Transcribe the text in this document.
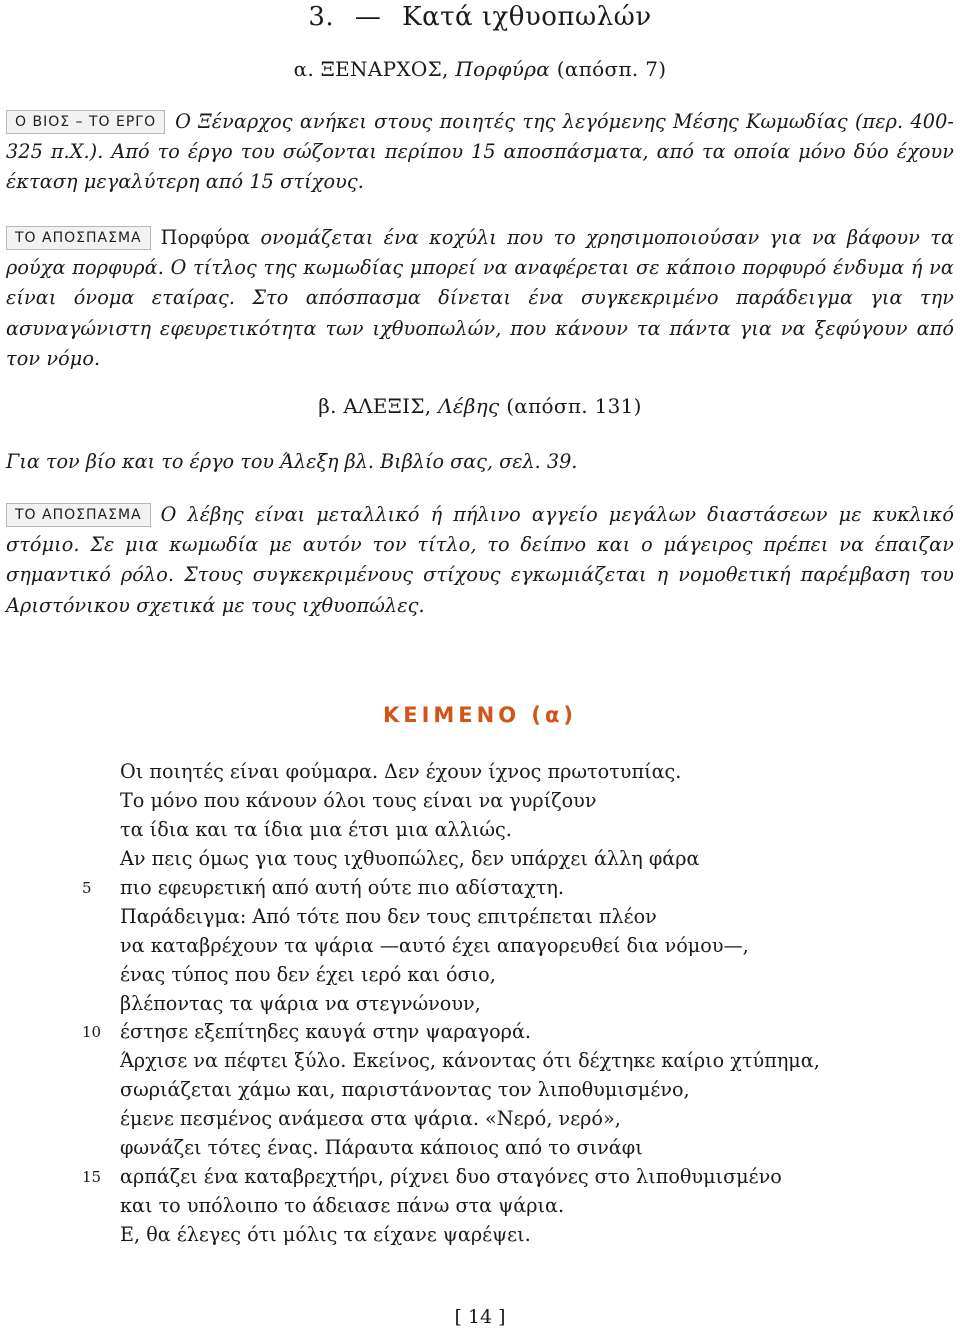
3. — Κατά ιχθυοπωλών
α. ΞΕΝΑΡΧΟΣ, Πορφύρα (απόσπ. 7)
Ο ΒΙΟΣ – ΤΟ ΕΡΓΟ Ο Ξέναρχος ανήκει στους ποιητές της λεγόμενης Μέσης Κωμωδίας (περ. 400-325 π.Χ.). Από το έργο του σώζονται περίπου 15 αποσπάσματα, από τα οποία μόνο δύο έχουν έκταση μεγαλύτερη από 15 στίχους.
ΤΟ ΑΠΟΣΠΑΣΜΑ Πορφύρα ονομάζεται ένα κοχύλι που το χρησιμοποιούσαν για να βάφουν τα ρούχα πορφυρά. Ο τίτλος της κωμωδίας μπορεί να αναφέρεται σε κάποιο πορφυρό ένδυμα ή να είναι όνομα εταίρας. Στο απόσπασμα δίνεται ένα συγκεκριμένο παράδειγμα για την ασυναγώνιστη εφευρετικότητα των ιχθυοπωλών, που κάνουν τα πάντα για να ξεφύγουν από τον νόμο.
β. ΑΛΕΞΙΣ, Λέβης (απόσπ. 131)
Για τον βίο και το έργο του Άλεξη βλ. Βιβλίο σας, σελ. 39.
ΤΟ ΑΠΟΣΠΑΣΜΑ Ο λέβης είναι μεταλλικό ή πήλινο αγγείο μεγάλων διαστάσεων με κυκλικό στόμιο. Σε μια κωμωδία με αυτόν τον τίτλο, το δείπνο και ο μάγειρος πρέπει να έπαιζαν σημαντικό ρόλο. Στους συγκεκριμένους στίχους εγκωμιάζεται η νομοθετική παρέμβαση του Αριστόνικου σχετικά με τους ιχθυοπώλες.
ΚΕΙΜΕΝΟ (α)
Οι ποιητές είναι φούμαρα. Δεν έχουν ίχνος πρωτοτυπίας.
Το μόνο που κάνουν όλοι τους είναι να γυρίζουν
τα ίδια και τα ίδια μια έτσι μια αλλιώς.
Αν πεις όμως για τους ιχθυοπώλες, δεν υπάρχει άλλη φάρα
5	πιο εφευρετική από αυτή ούτε πιο αδίσταχτη.
Παράδειγμα: Από τότε που δεν τους επιτρέπεται πλέον
να καταβρέχουν τα ψάρια —αυτό έχει απαγορευθεί δια νόμου—,
ένας τύπος που δεν έχει ιερό και όσιο,
βλέποντας τα ψάρια να στεγνώνουν,
10 έστησε εξεπίτηδες καυγά στην ψαραγορά.
Άρχισε να πέφτει ξύλο. Εκείνος, κάνοντας ότι δέχτηκε καίριο χτύπημα,
σωριάζεται χάμω και, παριστάνοντας τον λιποθυμισμένο,
έμενε πεσμένος ανάμεσα στα ψάρια. «Νερό, νερό»,
φωνάζει τότες ένας. Πάραυτα κάποιος από το σινάφι
15 αρπάζει ένα καταβρεχτήρι, ρίχνει δυο σταγόνες στο λιποθυμισμένο
και το υπόλοιπο το άδειασε πάνω στα ψάρια.
Ε, θα έλεγες ότι μόλις τα είχανε ψαρέψει.
[ 14 ]
